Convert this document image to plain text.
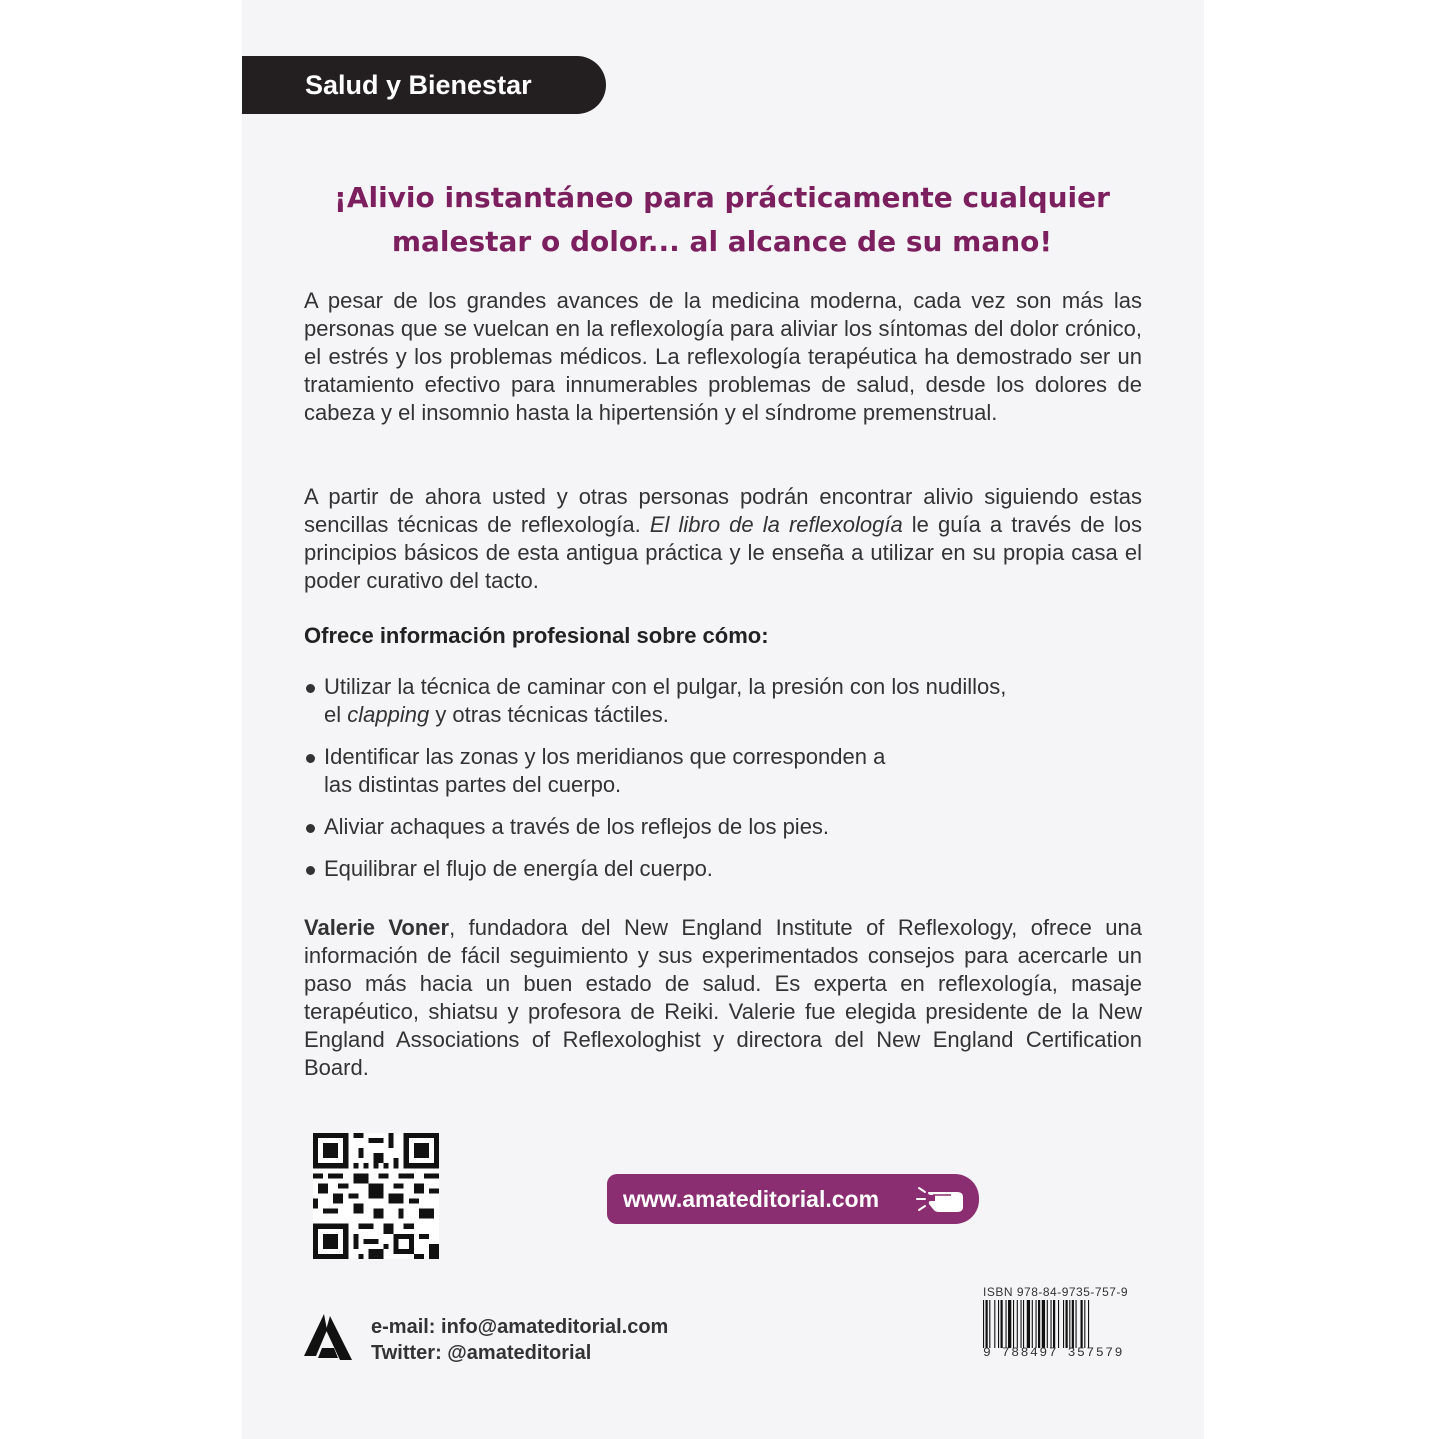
Salud y Bienestar
¡Alivio instantáneo para prácticamente cualquier
malestar o dolor... al alcance de su mano!

A pesar de los grandes avances de la medicina moderna, cada vez son más las personas que se vuelcan en la reflexología para aliviar los síntomas del dolor crónico, el estrés y los problemas médicos. La reflexología terapéutica ha demostrado ser un tratamiento efectivo para innumerables problemas de salud, desde los dolores de cabeza y el insomnio hasta la hipertensión y el síndrome premenstrual.

A partir de ahora usted y otras personas podrán encontrar alivio siguiendo estas sencillas técnicas de reflexología. El libro de la reflexología le guía a través de los principios básicos de esta antigua práctica y le enseña a utilizar en su propia casa el poder curativo del tacto.

Ofrece información profesional sobre cómo:
Utilizar la técnica de caminar con el pulgar, la presión con los nudillos,
el clapping y otras técnicas táctiles.
Identificar las zonas y los meridianos que corresponden a
las distintas partes del cuerpo.
Aliviar achaques a través de los reflejos de los pies.
Equilibrar el flujo de energía del cuerpo.

Valerie Voner, fundadora del New England Institute of Reflexology, ofrece una información de fácil seguimiento y sus experimentados consejos para acercarle un paso más hacia un buen estado de salud. Es experta en reflexología, masaje terapéutico, shiatsu y profesora de Reiki. Valerie fue elegida presidente de la New England Associations of Reflexologhist y directora del New England Certification Board.

www.amateditorial.com
e-mail: info@amateditorial.com
Twitter: @amateditorial
ISBN 978-84-9735-757-9
9 788497 357579
